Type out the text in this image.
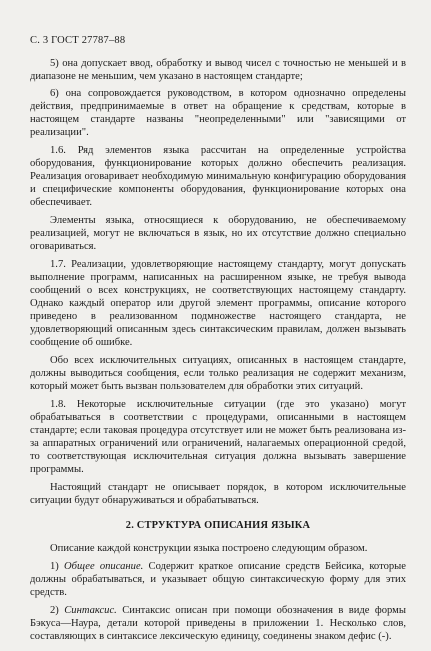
С. 3 ГОСТ 27787–88

5) она допускает ввод, обработку и вывод чисел с точностью не меньшей и в диапазоне не меньшим, чем указано в настоящем стандарте;

6) она сопровождается руководством, в котором однозначно определены действия, предпринимаемые в ответ на обращение к средствам, которые в настоящем стандарте названы "неопределенными" или "зависящими от реализации".

1.6. Ряд элементов языка рассчитан на определенные устройства оборудования, функционирование которых должно обеспечить реализация. Реализация оговаривает необходимую минимальную конфигурацию оборудования и специфические компоненты оборудования, функционирование которых она обеспечивает.

Элементы языка, относящиеся к оборудованию, не обеспечиваемому реализацией, могут не включаться в язык, но их отсутствие должно специально оговариваться.

1.7. Реализации, удовлетворяющие настоящему стандарту, могут допускать выполнение программ, написанных на расширенном языке, не требуя вывода сообщений о всех конструкциях, не соответствующих настоящему стандарту. Однако каждый оператор или другой элемент программы, описание которого приведено в реализованном подмножестве настоящего стандарта, не удовлетворяющий описанным здесь синтаксическим правилам, должен вызывать сообщение об ошибке.

Обо всех исключительных ситуациях, описанных в настоящем стандарте, должны выводиться сообщения, если только реализация не содержит механизм, который может быть вызван пользователем для обработки этих ситуаций.

1.8. Некоторые исключительные ситуации (где это указано) могут обрабатываться в соответствии с процедурами, описанными в настоящем стандарте; если таковая процедура отсутствует или не может быть реализована из-за аппаратных ограничений или ограничений, налагаемых операционной средой, то соответствующая исключительная ситуация должна вызывать завершение программы.

Настоящий стандарт не описывает порядок, в котором исключительные ситуации будут обнаруживаться и обрабатываться.

2. СТРУКТУРА ОПИСАНИЯ ЯЗЫКА

Описание каждой конструкции языка построено следующим образом.

1) Общее описание. Содержит краткое описание средств Бейсика, которые должны обрабатываться, и указывает общую синтаксическую форму для этих средств.

2) Синтаксис. Синтаксис описан при помощи обозначения в виде формы Бэкуса—Наура, детали которой приведены в приложении 1. Несколько слов, составляющих в синтаксисе лексическую единицу, соединены знаком дефис (-).
